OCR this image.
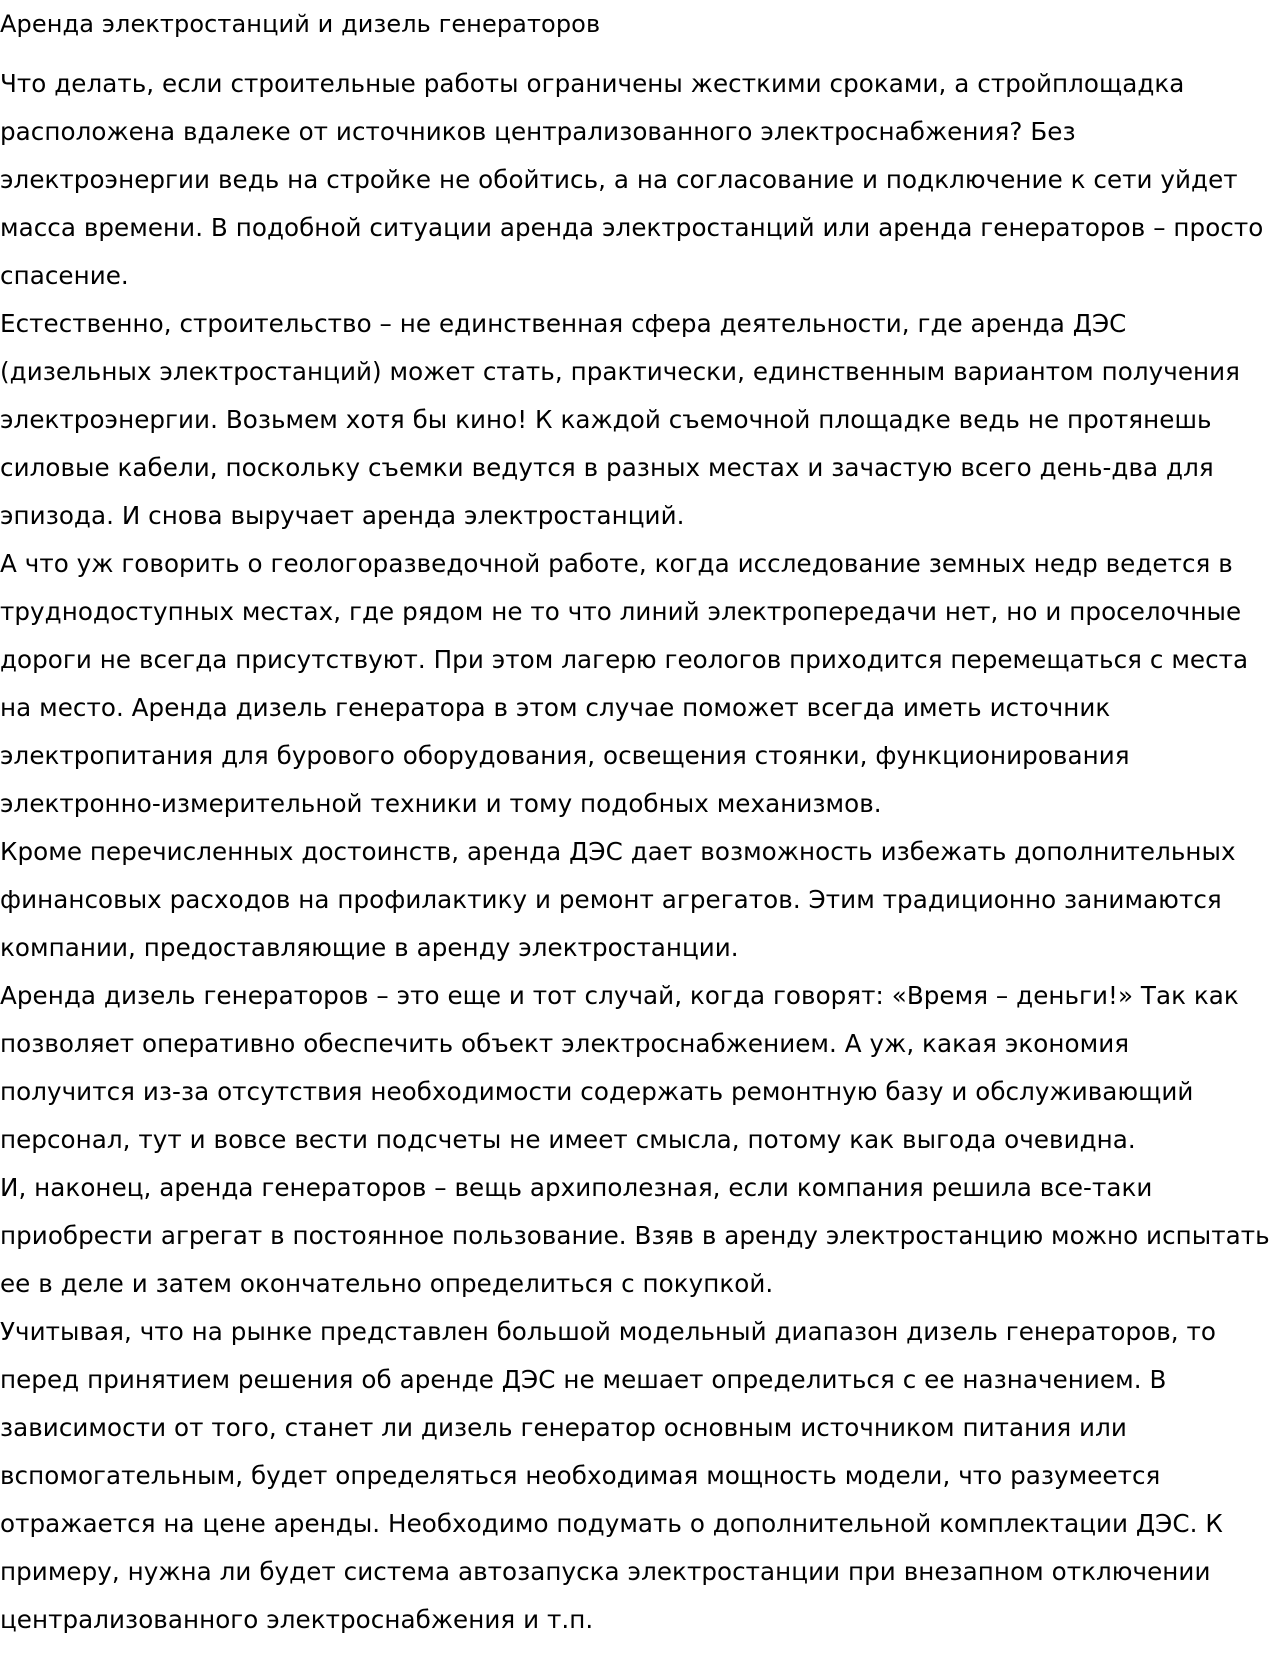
Аренда электростанций и дизель генераторов

Что делать, если строительные работы ограничены жесткими сроками, а стройплощадка расположена вдалеке от источников централизованного электроснабжения? Без электроэнергии ведь на стройке не обойтись, а на согласование и подключение к сети уйдет масса времени. В подобной ситуации аренда электростанций или аренда генераторов – просто спасение.

Естественно, строительство – не единственная сфера деятельности, где аренда ДЭС (дизельных электростанций) может стать, практически, единственным вариантом получения электроэнергии. Возьмем хотя бы кино! К каждой съемочной площадке ведь не протянешь силовые кабели, поскольку съемки ведутся в разных местах и зачастую всего день-два для эпизода. И снова выручает аренда электростанций.

А что уж говорить о геологоразведочной работе, когда исследование земных недр ведется в труднодоступных местах, где рядом не то что линий электропередачи нет, но и проселочные дороги не всегда присутствуют. При этом лагерю геологов приходится перемещаться с места на место. Аренда дизель генератора в этом случае поможет всегда иметь источник электропитания для бурового оборудования, освещения стоянки, функционирования электронно-измерительной техники и тому подобных механизмов.

Кроме перечисленных достоинств, аренда ДЭС дает возможность избежать дополнительных финансовых расходов на профилактику и ремонт агрегатов. Этим традиционно занимаются компании, предоставляющие в аренду электростанции.

Аренда дизель генераторов – это еще и тот случай, когда говорят: «Время – деньги!» Так как позволяет оперативно обеспечить объект электроснабжением. А уж, какая экономия получится из-за отсутствия необходимости содержать ремонтную базу и обслуживающий персонал, тут и вовсе вести подсчеты не имеет смысла, потому как выгода очевидна.

И, наконец, аренда генераторов – вещь архиполезная, если компания решила все-таки приобрести агрегат в постоянное пользование. Взяв в аренду электростанцию можно испытать ее в деле и затем окончательно определиться с покупкой.

Учитывая, что на рынке представлен большой модельный диапазон дизель генераторов, то перед принятием решения об аренде ДЭС не мешает определиться с ее назначением. В зависимости от того, станет ли дизель генератор основным источником питания или вспомогательным, будет определяться необходимая мощность модели, что разумеется отражается на цене аренды. Необходимо подумать о дополнительной комплектации ДЭС. К примеру, нужна ли будет система автозапуска электростанции при внезапном отключении централизованного электроснабжения и т.п.
